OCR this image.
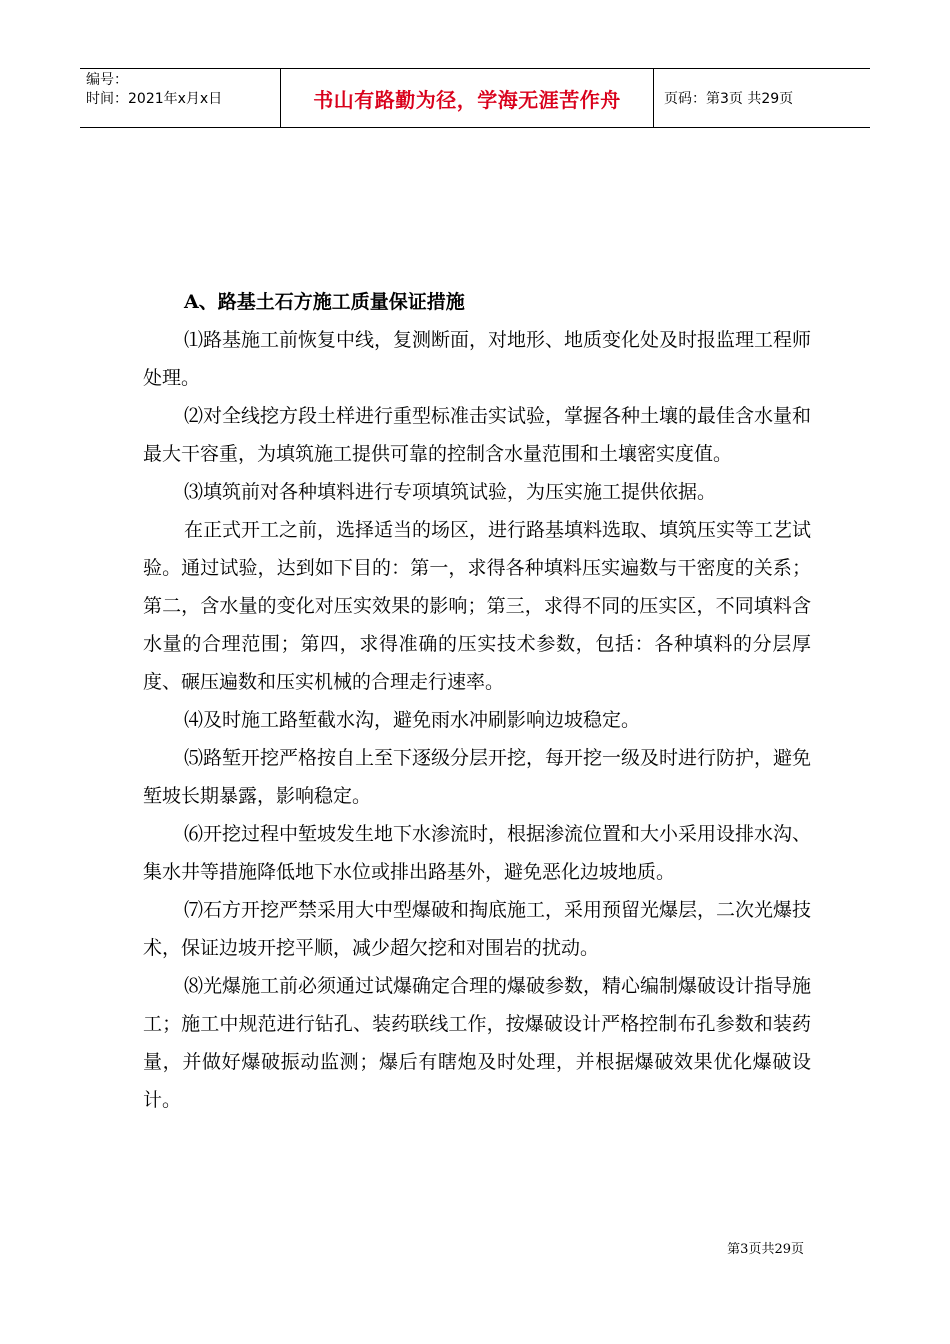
编号：
时间：2021年x月x日	书山有路勤为径，学海无涯苦作舟	页码：第3页 共29页

A、路基土石方施工质量保证措施

⑴路基施工前恢复中线，复测断面，对地形、地质变化处及时报监理工程师处理。

⑵对全线挖方段土样进行重型标准击实试验，掌握各种土壤的最佳含水量和最大干容重，为填筑施工提供可靠的控制含水量范围和土壤密实度值。

⑶填筑前对各种填料进行专项填筑试验，为压实施工提供依据。

在正式开工之前，选择适当的场区，进行路基填料选取、填筑压实等工艺试验。通过试验，达到如下目的：第一，求得各种填料压实遍数与干密度的关系；第二，含水量的变化对压实效果的影响；第三，求得不同的压实区，不同填料含水量的合理范围；第四，求得准确的压实技术参数，包括：各种填料的分层厚度、碾压遍数和压实机械的合理走行速率。

⑷及时施工路堑截水沟，避免雨水冲刷影响边坡稳定。

⑸路堑开挖严格按自上至下逐级分层开挖，每开挖一级及时进行防护，避免堑坡长期暴露，影响稳定。

⑹开挖过程中堑坡发生地下水渗流时，根据渗流位置和大小采用设排水沟、集水井等措施降低地下水位或排出路基外，避免恶化边坡地质。

⑺石方开挖严禁采用大中型爆破和掏底施工，采用预留光爆层，二次光爆技术，保证边坡开挖平顺，减少超欠挖和对围岩的扰动。

⑻光爆施工前必须通过试爆确定合理的爆破参数，精心编制爆破设计指导施工；施工中规范进行钻孔、装药联线工作，按爆破设计严格控制布孔参数和装药量，并做好爆破振动监测；爆后有瞎炮及时处理，并根据爆破效果优化爆破设计。

第3页共29页
